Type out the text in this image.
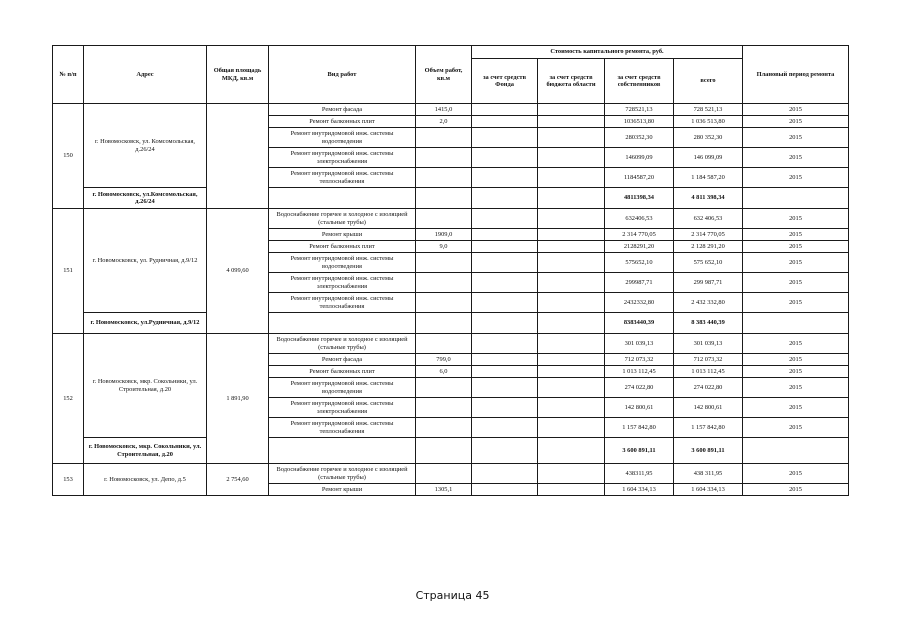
№ п/п	Адрес	Общая площадь МКД, кв.м	Вид работ	Объем работ, кв.м	Стоимость капитального ремонта, руб.				Плановый период ремонта
					за счет средств Фонда	за счет средств бюджета области	за счет средств собственников	всего	
150	г. Новомосковск, ул. Комсомольская, д.26/24		Ремонт фасада	1415,0			728521,13	728 521,13	2015
			Ремонт балконных плит	2,0			1036513,80	1 036 513,80	2015
			Ремонт внутридомовой инж. системы водоотведения				280352,30	280 352,30	2015
			Ремонт внутридомовой инж. системы электроснабжения				146099,09	146 099,09	2015
			Ремонт внутридомовой инж. системы теплоснабжения				1184587,20	1 184 587,20	2015
	г. Новомосковск, ул.Комсомольская, д.26/24						4811398,34	4 811 398,34	
151	г. Новомосковск, ул. Рудничная, д.9/12	4 099,60	Водоснабжение горячее и холодное с изоляцией (стальные трубы)				632406,53	632 406,53	2015
			Ремонт крыши	1909,0			2 314 770,05	2 314 770,05	2015
			Ремонт балконных плит	9,0			2128291,20	2 128 291,20	2015
			Ремонт внутридомовой инж. системы водоотведения				575652,10	575 652,10	2015
			Ремонт внутридомовой инж. системы электроснабжения				299987,71	299 987,71	2015
			Ремонт внутридомовой инж. системы теплоснабжения				2432332,80	2 432 332,80	2015
	г. Новомосковск, ул.Рудничная, д.9/12						8383440,39	8 383 440,39	
152	г. Новомосковск, мкр. Сокольники, ул. Строительная, д.20	1 891,90	Водоснабжение горячее и холодное с изоляцией (стальные трубы)				301 039,13	301 039,13	2015
			Ремонт фасада	799,0			712 073,32	712 073,32	2015
			Ремонт балконных плит	6,0			1 013 112,45	1 013 112,45	2015
			Ремонт внутридомовой инж. системы водоотведения				274 022,80	274 022,80	2015
			Ремонт внутридомовой инж. системы электроснабжения				142 800,61	142 800,61	2015
			Ремонт внутридомовой инж. системы теплоснабжения				1 157 842,80	1 157 842,80	2015
	г. Новомосковск, мкр. Сокольники, ул. Строительная, д.20						3 600 891,11	3 600 891,11	
153	г. Новомосковск, ул. Депо, д.5	2 754,60	Водоснабжение горячее и холодное с изоляцией (стальные трубы)				438311,95	438 311,95	2015
			Ремонт крыши	1305,1			1 604 334,13	1 604 334,13	2015
Страница 45
